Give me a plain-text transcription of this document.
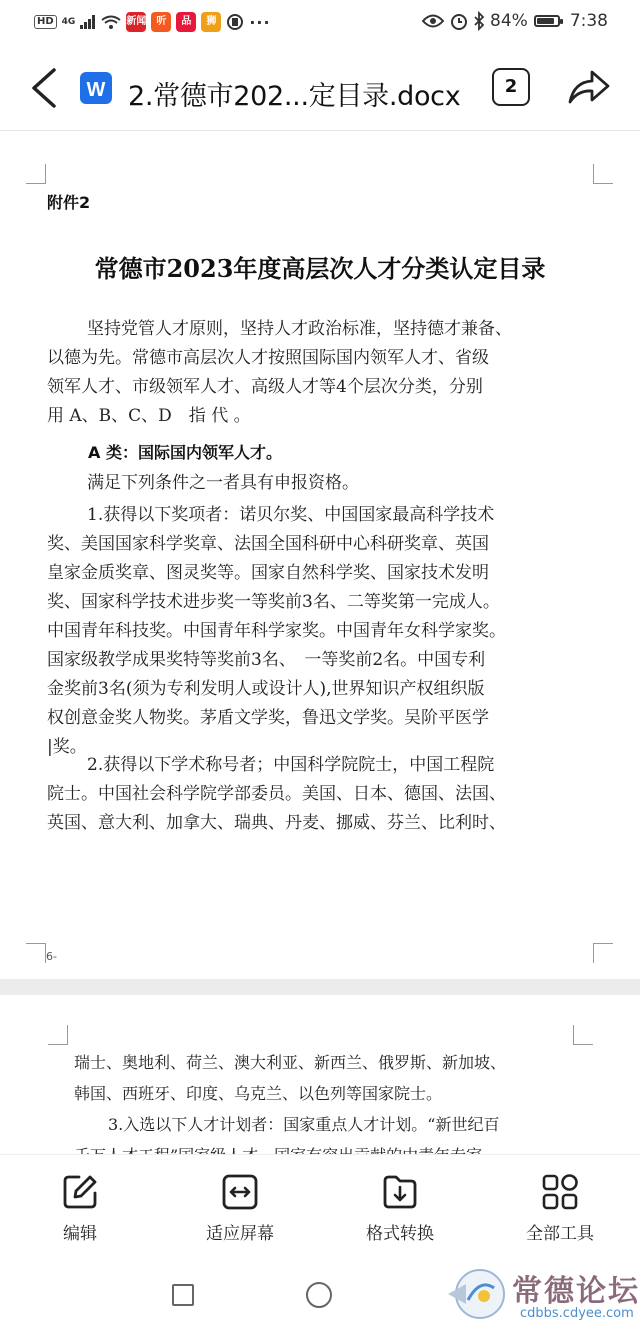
HD 4G	新闻	听	品	狮	···	84% 7:38
W 2.常德市202...定目录.docx	2
附件2
常德市2023年度高层次人才分类认定目录
坚持党管人才原则，坚持人才政治标准，坚持德才兼备、
以德为先。常德市高层次人才按照国际国内领军人才、省级
领军人才、市级领军人才、高级人才等4个层次分类，分别
用 A、B、C、D　指 代 。
A 类：国际国内领军人才。
满足下列条件之一者具有申报资格。
1.获得以下奖项者：诺贝尔奖、中国国家最高科学技术
奖、美国国家科学奖章、法国全国科研中心科研奖章、英国
皇家金质奖章、图灵奖等。国家自然科学奖、国家技术发明
奖、国家科学技术进步奖一等奖前3名、二等奖第一完成人。
中国青年科技奖。中国青年科学家奖。中国青年女科学家奖。
国家级教学成果奖特等奖前3名、　一等奖前2名。中国专利
金奖前3名(须为专利发明人或设计人),世界知识产权组织版
权创意金奖人物奖。茅盾文学奖，鲁迅文学奖。吴阶平医学
|奖。
2.获得以下学术称号者；中国科学院院士，中国工程院
院士。中国社会科学院学部委员。美国、日本、德国、法国、
英国、意大利、加拿大、瑞典、丹麦、挪威、芬兰、比利时、
6-
瑞士、奥地利、荷兰、澳大利亚、新西兰、俄罗斯、新加坡、
韩国、西班牙、印度、乌克兰、以色列等国家院士。
3.入选以下人才计划者：国家重点人才计划。“新世纪百
编辑	适应屏幕	格式转换	全部工具
常德论坛
cdbbs.cdyee.com
